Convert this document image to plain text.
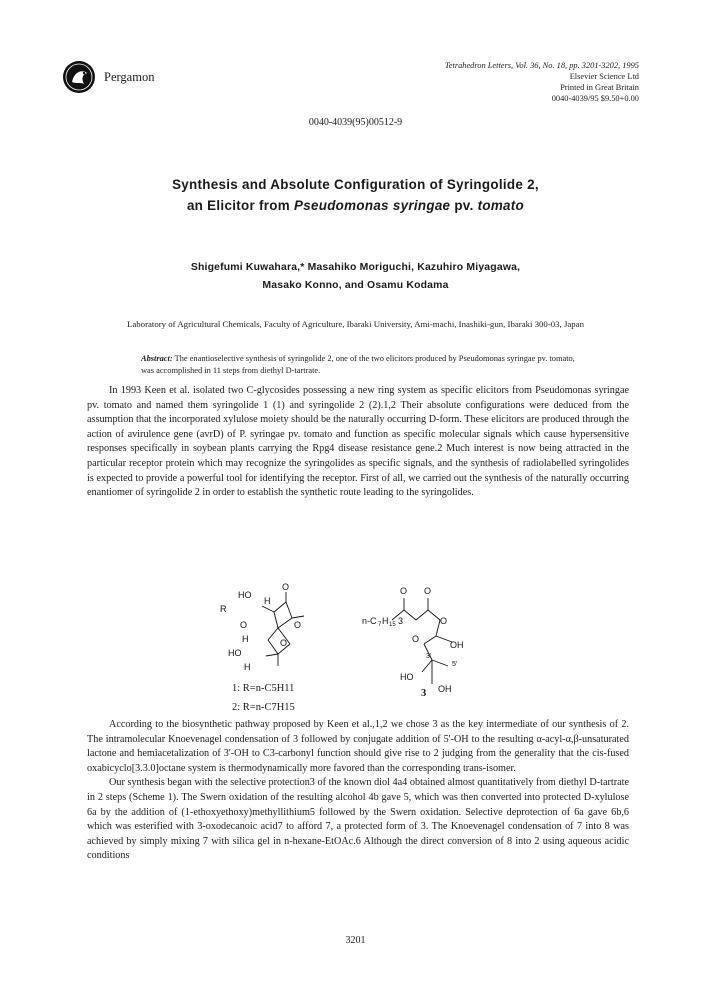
Pergamon
Tetrahedron Letters, Vol. 36, No. 18, pp. 3201-3202, 1995
Elsevier Science Ltd
Printed in Great Britain
0040-4039/95 $9.50+0.00
0040-4039(95)00512-9
Synthesis and Absolute Configuration of Syringolide 2,
an Elicitor from Pseudomonas syringae pv. tomato
Shigefumi Kuwahara,* Masahiko Moriguchi, Kazuhiro Miyagawa,
Masako Konno, and Osamu Kodama
Laboratory of Agricultural Chemicals, Faculty of Agriculture, Ibaraki University, Ami-machi, Inashiki-gun, Ibaraki 300-03, Japan
Abstract: The enantioselective synthesis of syringolide 2, one of the two elicitors produced by Pseudomonas syringae pv. tomato, was accomplished in 11 steps from diethyl D-tartrate.

In 1993 Keen et al. isolated two C-glycosides possessing a new ring system as specific elicitors from Pseudomonas syringae pv. tomato and named them syringolide 1 (1) and syringolide 2 (2).1,2 Their absolute configurations were deduced from the assumption that the incorporated xylulose moiety should be the naturally occurring D-form. These elicitors are produced through the action of avirulence gene (avrD) of P. syringae pv. tomato and function as specific molecular signals which cause hypersensitive responses specifically in soybean plants carrying the Rpg4 disease resistance gene.2 Much interest is now being attracted in the particular receptor protein which may recognize the syringolides as specific signals, and the synthesis of radiolabelled syringolides is expected to provide a powerful tool for identifying the receptor. First of all, we carried out the synthesis of the naturally occurring enantiomer of syringolide 2 in order to establish the synthetic route leading to the syringolides.

HO
H
O
R
O	O
H	O
HO
H
O O
n-C 7 H 15 3	O
O
OH
3'
5'
HO
OH
1: R=n-C5H11
2: R=n-C7H15
3

According to the biosynthetic pathway proposed by Keen et al.,1,2 we chose 3 as the key intermediate of our synthesis of 2. The intramolecular Knoevenagel condensation of 3 followed by conjugate addition of 5'-OH to the resulting α-acyl-α,β-unsaturated lactone and hemiacetalization of 3'-OH to C3-carbonyl function should give rise to 2 judging from the generality that the cis-fused oxabicyclo[3.3.0]octane system is thermodynamically more favored than the corresponding trans-isomer.

Our synthesis began with the selective protection3 of the known diol 4a4 obtained almost quantitatively from diethyl D-tartrate in 2 steps (Scheme 1). The Swern oxidation of the resulting alcohol 4b gave 5, which was then converted into protected D-xylulose 6a by the addition of (1-ethoxyethoxy)methyllithium5 followed by the Swern oxidation. Selective deprotection of 6a gave 6b,6 which was esterified with 3-oxodecanoic acid7 to afford 7, a protected form of 3. The Knoevenagel condensation of 7 into 8 was achieved by simply mixing 7 with silica gel in n-hexane-EtOAc.6 Although the direct conversion of 8 into 2 using aqueous acidic conditions

3201
